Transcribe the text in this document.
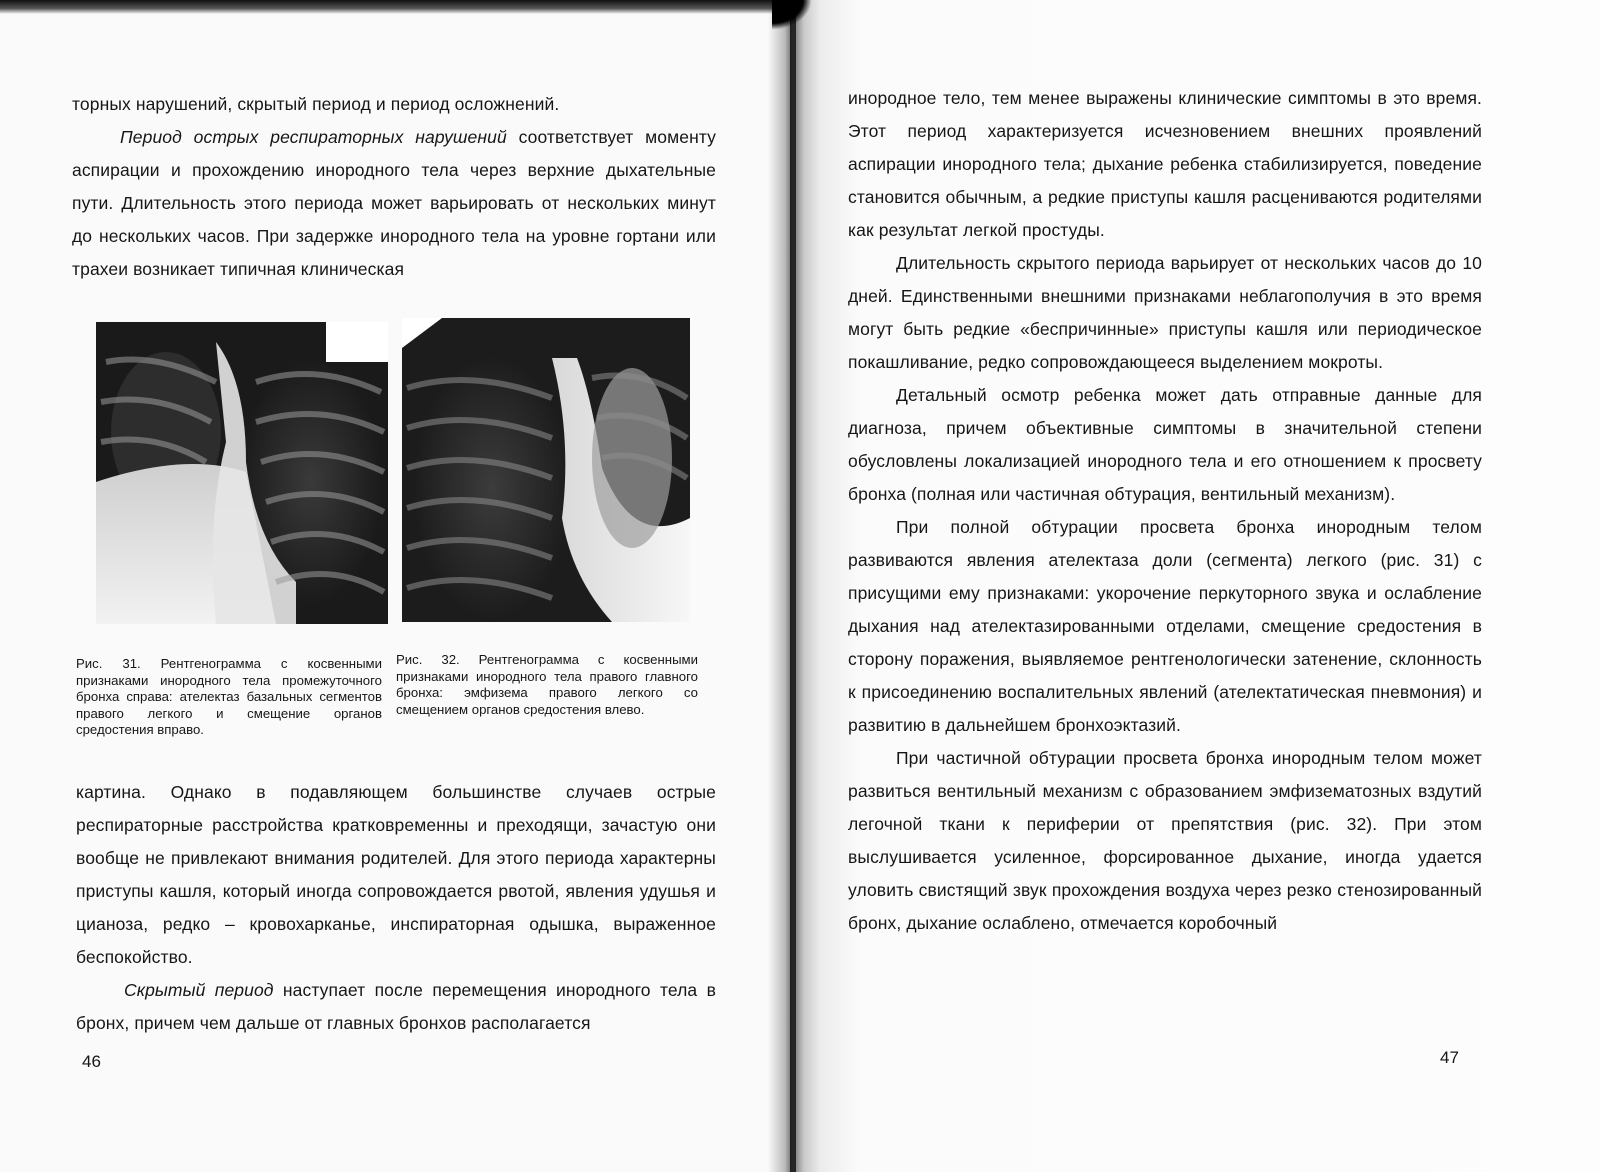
торных нарушений, скрытый период и период осложнений.

Период острых респираторных нарушений соответствует моменту аспирации и прохождению инородного тела через верхние дыхательные пути. Длительность этого периода может варьировать от нескольких минут до нескольких часов. При задержке инородного тела на уровне гортани или трахеи возникает типичная клиническая

Рис. 31. Рентгенограмма с косвенными признаками инородного тела промежуточного бронха справа: ателектаз базальных сегментов правого легкого и смещение органов средостения вправо.
Рис. 32. Рентгенограмма с косвенными признаками инородного тела правого главного бронха: эмфизема правого легкого со смещением органов средостения влево.

картина. Однако в подавляющем большинстве случаев острые респираторные расстройства кратковременны и преходящи, зачастую они вообще не привлекают внимания родителей. Для этого периода характерны приступы кашля, который иногда сопровождается рвотой, явления удушья и цианоза, редко – кровохарканье, инспираторная одышка, выраженное беспокойство.

Скрытый период наступает после перемещения инородного тела в бронх, причем чем дальше от главных бронхов располагается

46

инородное тело, тем менее выражены клинические симптомы в это время. Этот период характеризуется исчезновением внешних проявлений аспирации инородного тела; дыхание ребенка стабилизируется, поведение становится обычным, а редкие приступы кашля расцениваются родителями как результат легкой простуды.

Длительность скрытого периода варьирует от нескольких часов до 10 дней. Единственными внешними признаками неблагополучия в это время могут быть редкие «беспричинные» приступы кашля или периодическое покашливание, редко сопровождающееся выделением мокроты.

Детальный осмотр ребенка может дать отправные данные для диагноза, причем объективные симптомы в значительной степени обусловлены локализацией инородного тела и его отношением к просвету бронха (полная или частичная обтурация, вентильный механизм).

При полной обтурации просвета бронха инородным телом развиваются явления ателектаза доли (сегмента) легкого (рис. 31) с присущими ему признаками: укорочение перкуторного звука и ослабление дыхания над ателектазированными отделами, смещение средостения в сторону поражения, выявляемое рентгенологически затенение, склонность к присоединению воспалительных явлений (ателектатическая пневмония) и развитию в дальнейшем бронхоэктазий.

При частичной обтурации просвета бронха инородным телом может развиться вентильный механизм с образованием эмфизематозных вздутий легочной ткани к периферии от препятствия (рис. 32). При этом выслушивается усиленное, форсированное дыхание, иногда удается уловить свистящий звук прохождения воздуха через резко стенозированный бронх, дыхание ослаблено, отмечается коробочный

47
